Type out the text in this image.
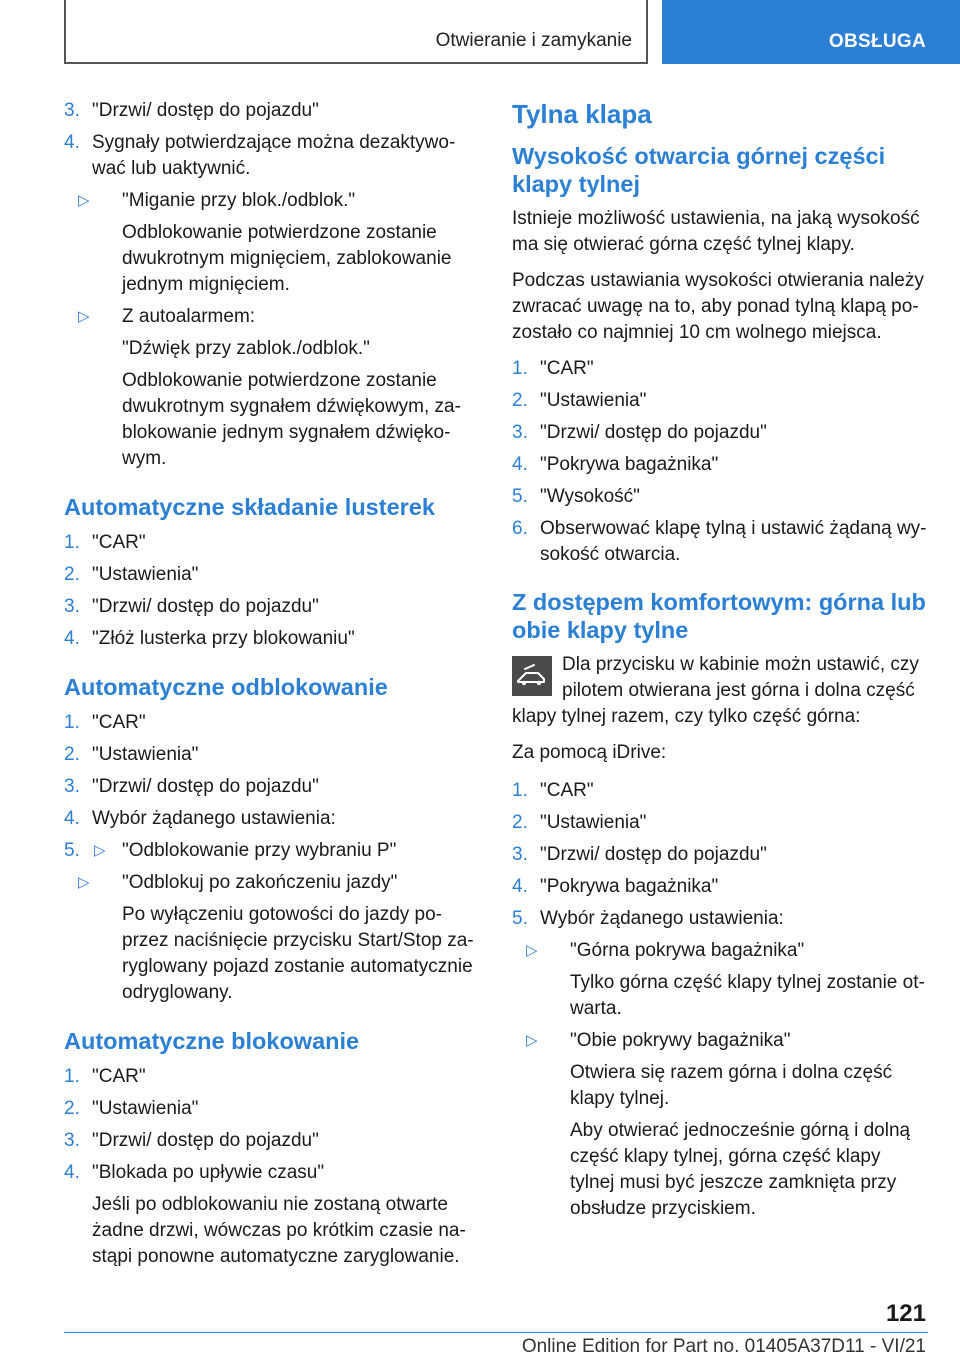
Otwieranie i zamykanie	OBSŁUGA
3. "Drzwi/ dostęp do pojazdu"
4. Sygnały potwierdzające można dezaktywo‐ wać lub uaktywnić.
▷ "Miganie przy blok./odblok."
Odblokowanie potwierdzone zostanie dwukrotnym mignięciem, zablokowanie jednym mignięciem.
▷ Z autoalarmem:
"Dźwięk przy zablok./odblok."
Odblokowanie potwierdzone zostanie dwukrotnym sygnałem dźwiękowym, za‐ blokowanie jednym sygnałem dźwięko‐ wym.
Automatyczne składanie lusterek
1. "CAR"
2. "Ustawienia"
3. "Drzwi/ dostęp do pojazdu"
4. "Złóż lusterka przy blokowaniu"
Automatyczne odblokowanie
1. "CAR"
2. "Ustawienia"
3. "Drzwi/ dostęp do pojazdu"
4. Wybór żądanego ustawienia:
5. ▷ "Odblokowanie przy wybraniu P"
▷ "Odblokuj po zakończeniu jazdy"
Po wyłączeniu gotowości do jazdy po‐ przez naciśnięcie przycisku Start/Stop za‐ ryglowany pojazd zostanie automatycznie odryglowany.
Automatyczne blokowanie
1. "CAR"
2. "Ustawienia"
3. "Drzwi/ dostęp do pojazdu"
4. "Blokada po upływie czasu"
Jeśli po odblokowaniu nie zostaną otwarte żadne drzwi, wówczas po krótkim czasie na‐ stąpi ponowne automatyczne zaryglowanie.
Tylna klapa
Wysokość otwarcia górnej części klapy tylnej

Istnieje możliwość ustawienia, na jaką wysokość ma się otwierać górna część tylnej klapy.

Podczas ustawiania wysokości otwierania należy zwracać uwagę na to, aby ponad tylną klapą po‐ zostało co najmniej 10 cm wolnego miejsca.

1. "CAR"
2. "Ustawienia"
3. "Drzwi/ dostęp do pojazdu"
4. "Pokrywa bagażnika"
5. "Wysokość"
6. Obserwować klapę tylną i ustawić żądaną wy‐ sokość otwarcia.
Z dostępem komfortowym: górna lub obie klapy tylne
Dla przycisku w kabinie możn ustawić, czy pilotem otwierana jest górna i dolna część klapy tylnej razem, czy tylko część górna:

Za pomocą iDrive:

1. "CAR"
2. "Ustawienia"
3. "Drzwi/ dostęp do pojazdu"
4. "Pokrywa bagażnika"
5. Wybór żądanego ustawienia:
▷ "Górna pokrywa bagażnika"
Tylko górna część klapy tylnej zostanie ot‐ warta.
▷ "Obie pokrywy bagażnika"
Otwiera się razem górna i dolna część klapy tylnej.
Aby otwierać jednocześnie górną i dolną część klapy tylnej, górna część klapy tylnej musi być jeszcze zamknięta przy obsłudze przyciskiem.
121
Online Edition for Part no. 01405A37D11 - VI/21
